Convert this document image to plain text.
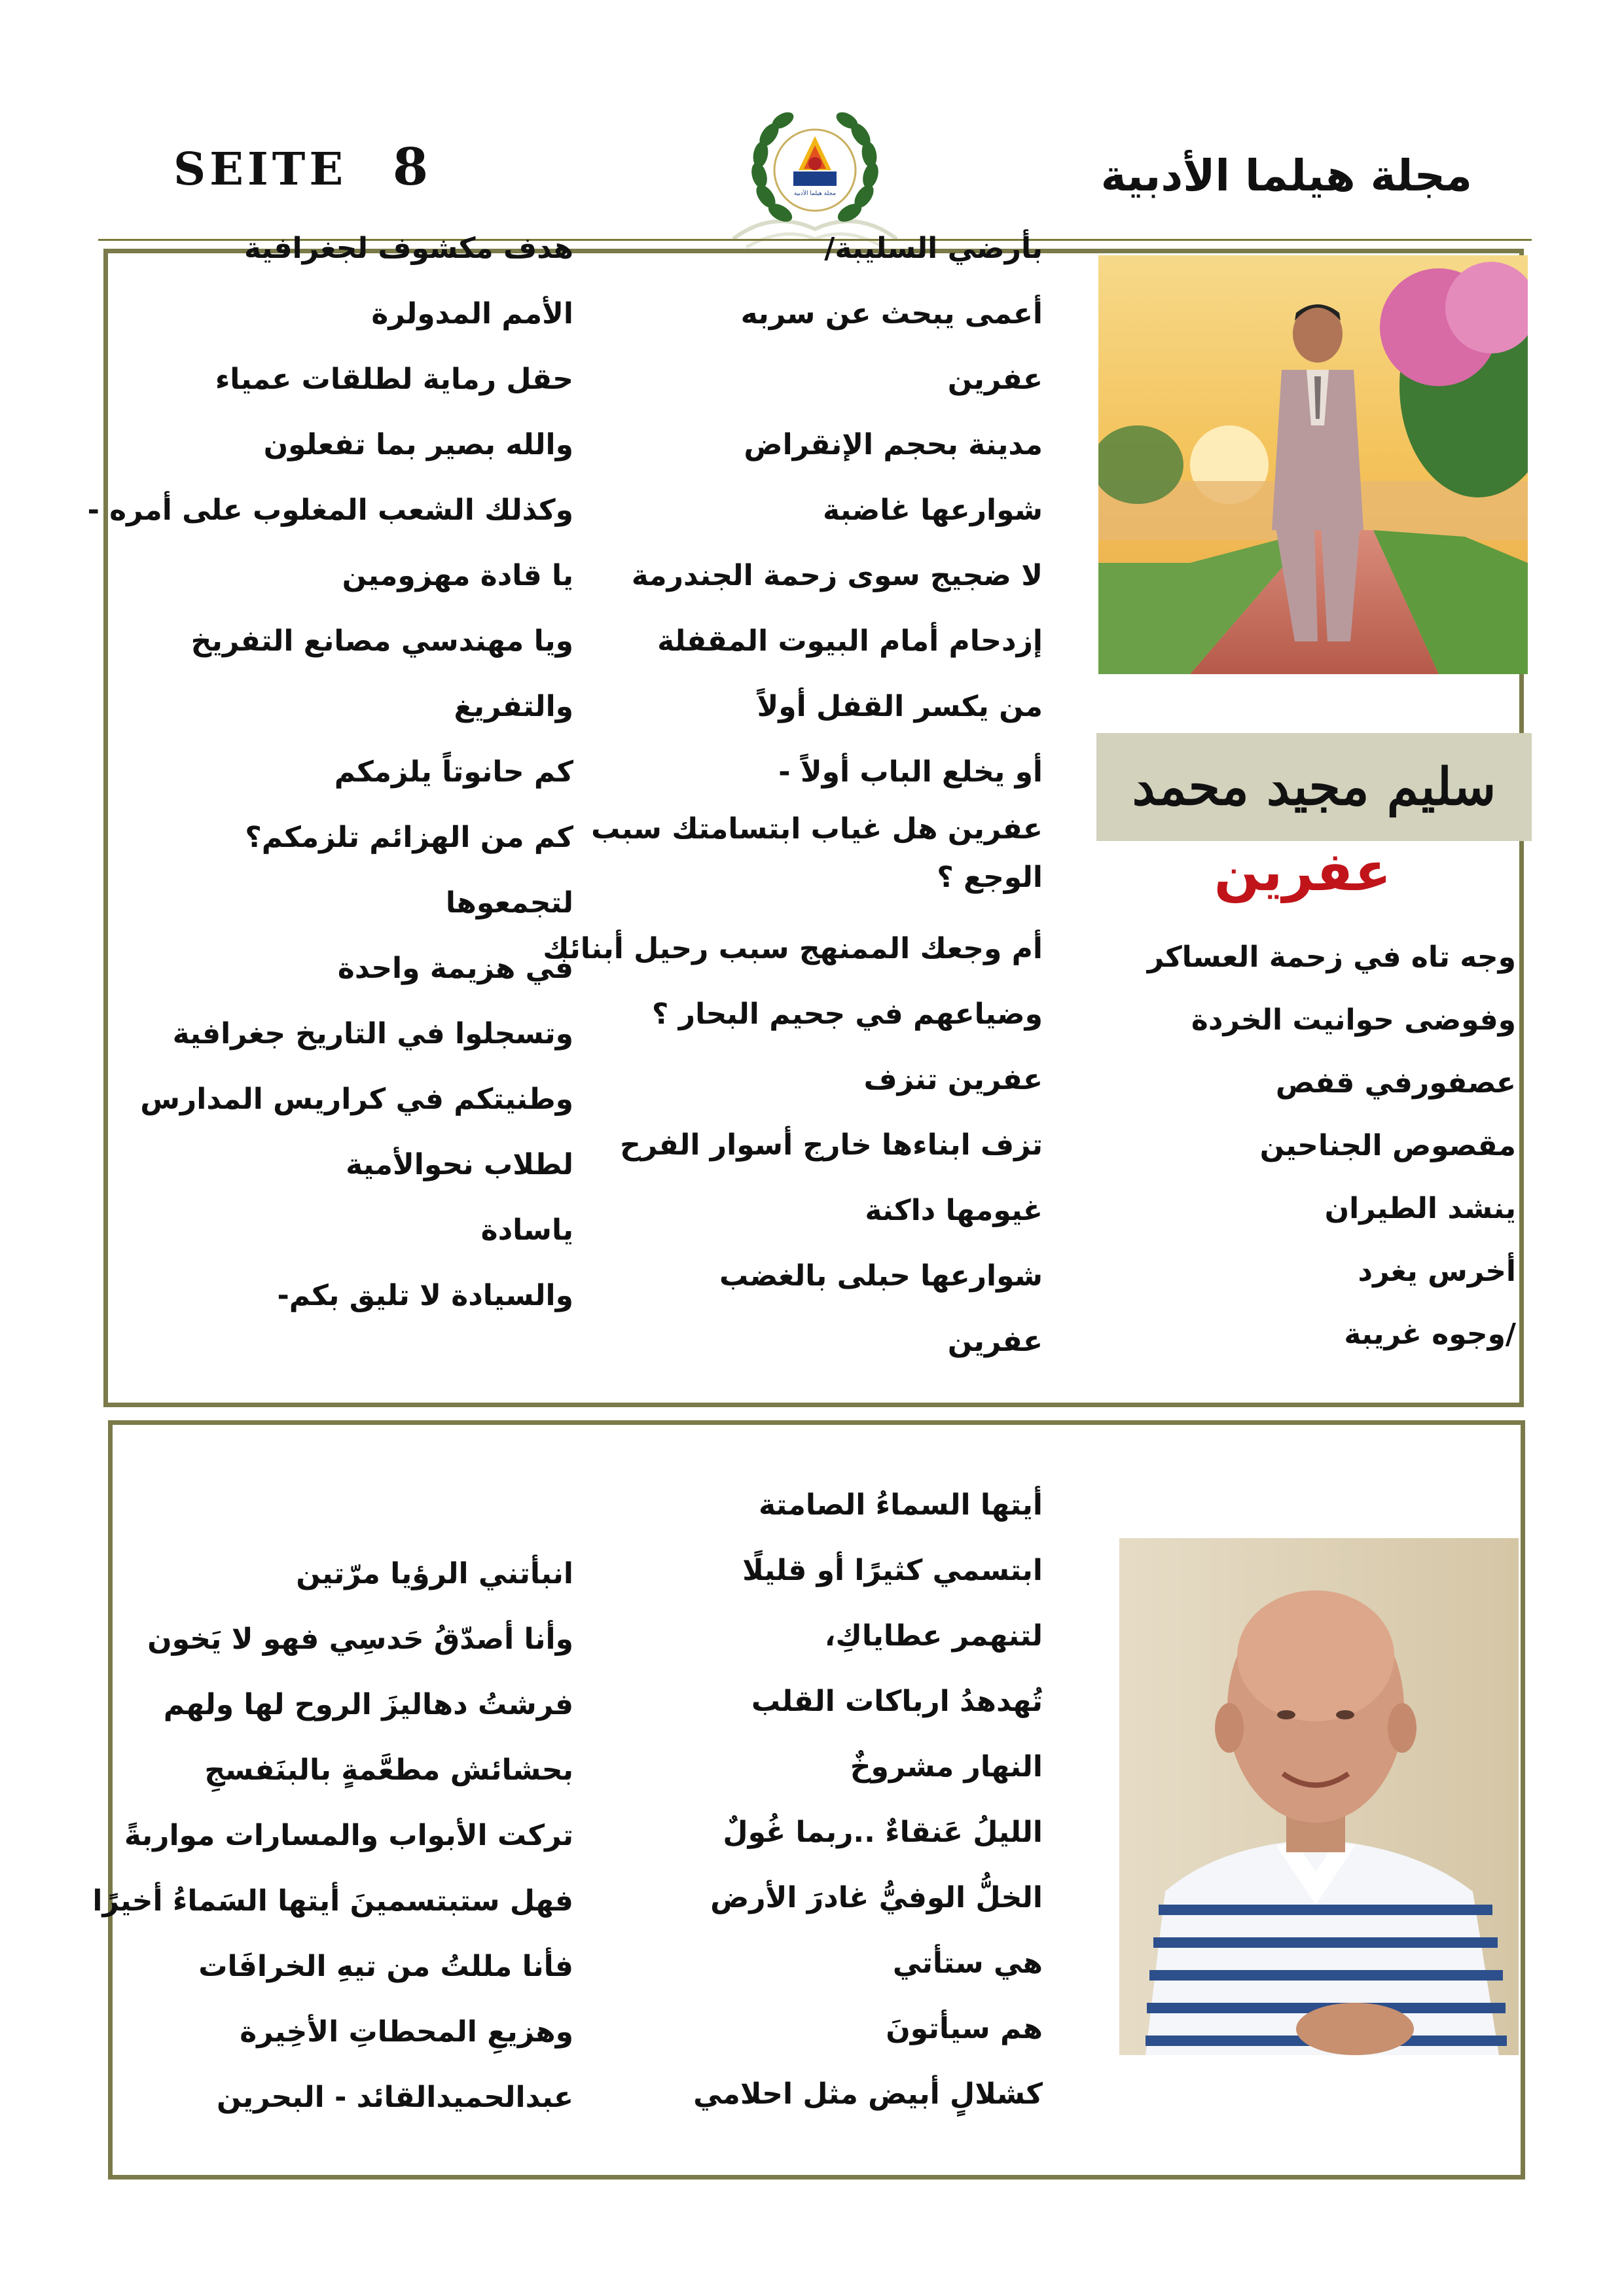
SEITE 8	مجلة هيلما الأدبية
مجلة هيلما الأدبية
سليم مجيد محمد
عفرين
وجه تاه في زحمة العساكر
وفوضى حوانيت الخردة
عصفورفي قفص
مقصوص الجناحين
ينشد الطيران
أخرس يغرد
/وجوه غريبة
بأرضي السليبة/
أعمى يبحث عن سربه
عفرين
مدينة بحجم الإنقراض
شوارعها غاضبة
لا ضجيج سوى زحمة الجندرمة
إزدحام أمام البيوت المقفلة
من يكسر القفل أولاً
أو يخلع الباب أولاً -
عفرين هل غياب ابتسامتك سبب الوجع ؟
أم وجعك الممنهج سبب رحيل أبنائك
وضياعهم في جحيم البحار ؟
عفرين تنزف
تزف ابناءها خارج أسوار الفرح
غيومها داكنة
شوارعها حبلى بالغضب
عفرين
هدف مكشوف لجغرافية
الأمم المدولرة
حقل رماية لطلقات عمياء
والله بصير بما تفعلون
وكذلك الشعب المغلوب على أمره -
يا قادة مهزومين
ويا مهندسي مصانع التفريخ
والتفريغ
كم حانوتاً يلزمكم
كم من الهزائم تلزمكم؟
لتجمعوها
في هزيمة واحدة
وتسجلوا في التاريخ جغرافية
وطنيتكم في كراريس المدارس
لطلاب نحوالأمية
ياسادة
والسيادة لا تليق بكم-
أيتها السماءُ الصامتة
ابتسمي كثيرًا أو قليلًا
لتنهمر عطاياكِ،
تُهدهدُ ارباكات القلب
النهار مشروخٌ
الليلُ عَنقاءٌ ..ربما غُولٌ
الخلُّ الوفيُّ غادرَ الأرض
هي ستأتي
هم سيأتونَ
كشلالٍ أبيض مثل احلامي
انبأتني الرؤيا مرّتين
وأنا أصدّقُ حَدسِي فهو لا يَخون
فرشتُ دهاليزَ الروح لها ولهم
بحشائش مطعَّمةٍ بالبنَفسجِ
تركت الأبواب والمسارات مواربةً
فهل ستبتسمينَ أيتها السَماءُ أخيرًا
فأنا مللتُ من تيهِ الخرافَات
وهزيعِ المحطاتِ الأخِيرة
عبدالحميدالقائد - البحرين
